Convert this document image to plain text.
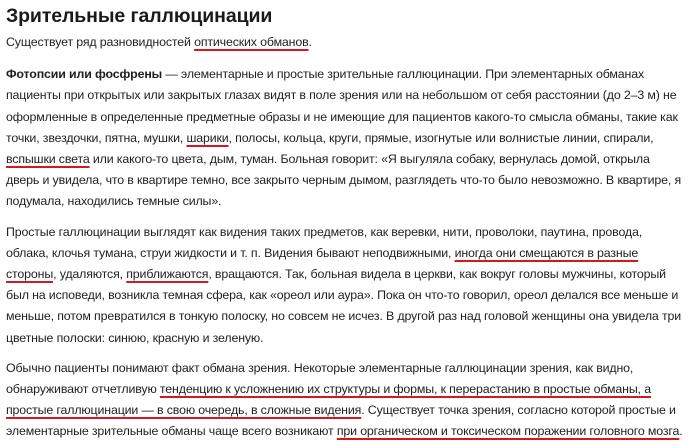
Зрительные галлюцинации

Существует ряд разновидностей оптических обманов.

Фотопсии или фосфрены — элементарные и простые зрительные галлюцинации. При элементарных обманах пациенты при открытых или закрытых глазах видят в поле зрения или на небольшом от себя расстоянии (до 2–3 м) не оформленные в определенные предметные образы и не имеющие для пациентов какого-то смысла обманы, такие как точки, звездочки, пятна, мушки, шарики, полосы, кольца, круги, прямые, изогнутые или волнистые линии, спирали, вспышки света или какого-то цвета, дым, туман. Больная говорит: «Я выгуляла собаку, вернулась домой, открыла дверь и увидела, что в квартире темно, все закрыто черным дымом, разглядеть что-то было невозможно. В квартире, я подумала, находились темные силы».

Простые галлюцинации выглядят как видения таких предметов, как веревки, нити, проволоки, паутина, провода, облака, клочья тумана, струи жидкости и т. п. Видения бывают неподвижными, иногда они смещаются в разные стороны, удаляются, приближаются, вращаются. Так, больная видела в церкви, как вокруг головы мужчины, который был на исповеди, возникла темная сфера, как «ореол или аура». Пока он что-то говорил, ореол делался все меньше и меньше, потом превратился в тонкую полоску, но совсем не исчез. В другой раз над головой женщины она увидела три цветные полоски: синюю, красную и зеленую.

Обычно пациенты понимают факт обмана зрения. Некоторые элементарные галлюцинации зрения, как видно, обнаруживают отчетливую тенденцию к усложнению их структуры и формы, к перерастанию в простые обманы, а простые галлюцинации — в свою очередь, в сложные видения. Существует точка зрения, согласно которой простые и элементарные зрительные обманы чаще всего возникают при органическом и токсическом поражении головного мозга.
